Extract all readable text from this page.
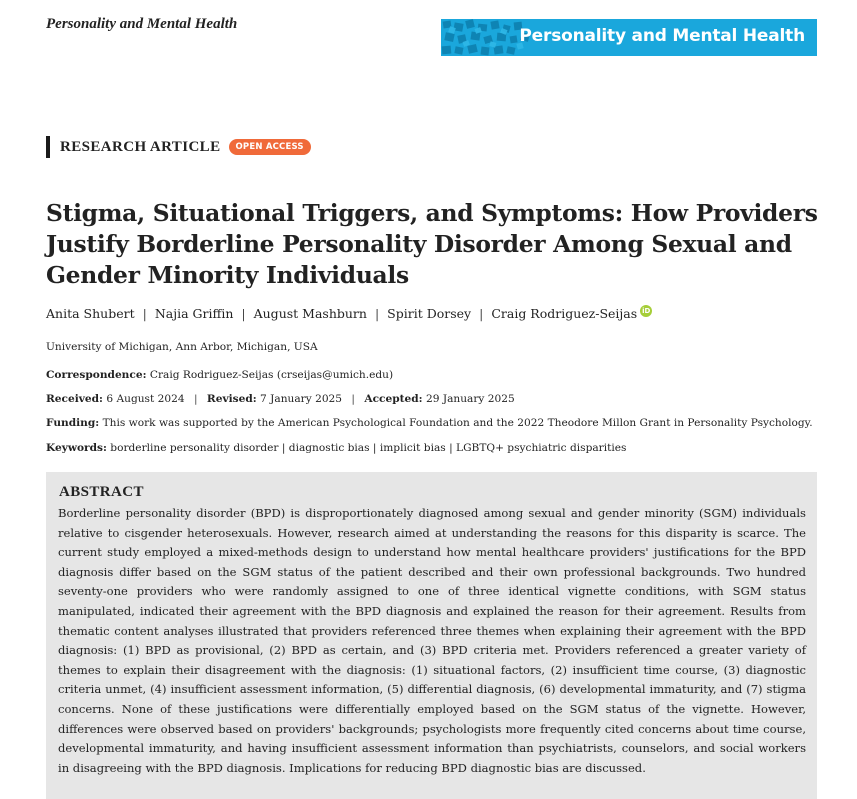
Personality and Mental Health
Personality and Mental Health
RESEARCH ARTICLE	OPEN ACCESS
Stigma, Situational Triggers, and Symptoms: How Providers Justify Borderline Personality Disorder Among Sexual and Gender Minority Individuals
Anita Shubert | Najia Griffin | August Mashburn | Spirit Dorsey | Craig Rodriguez-Seijas iD
University of Michigan, Ann Arbor, Michigan, USA
Correspondence: Craig Rodriguez-Seijas (crseijas@umich.edu)
Received: 6 August 2024 | Revised: 7 January 2025 | Accepted: 29 January 2025
Funding: This work was supported by the American Psychological Foundation and the 2022 Theodore Millon Grant in Personality Psychology.
Keywords: borderline personality disorder | diagnostic bias | implicit bias | LGBTQ+ psychiatric disparities
ABSTRACT

Borderline personality disorder (BPD) is disproportionately diagnosed among sexual and gender minority (SGM) individuals relative to cisgender heterosexuals. However, research aimed at understanding the reasons for this disparity is scarce. The current study employed a mixed-methods design to understand how mental healthcare providers' justifications for the BPD diagnosis differ based on the SGM status of the patient described and their own professional backgrounds. Two hundred seventy-one providers who were randomly assigned to one of three identical vignette conditions, with SGM status manipulated, indicated their agreement with the BPD diagnosis and explained the reason for their agreement. Results from thematic content analyses illustrated that providers referenced three themes when explaining their agreement with the BPD diagnosis: (1) BPD as provisional, (2) BPD as certain, and (3) BPD criteria met. Providers referenced a greater variety of themes to explain their disagreement with the diagnosis: (1) situational factors, (2) insufficient time course, (3) diagnostic criteria unmet, (4) insufficient assessment information, (5) differential diagnosis, (6) developmental immaturity, and (7) stigma concerns. None of these justifications were differentially employed based on the SGM status of the vignette. However, differences were observed based on providers' backgrounds; psychologists more frequently cited concerns about time course, developmental immaturity, and having insufficient assessment information than psychiatrists, counselors, and social workers in disagreeing with the BPD diagnosis. Implications for reducing BPD diagnostic bias are discussed.
